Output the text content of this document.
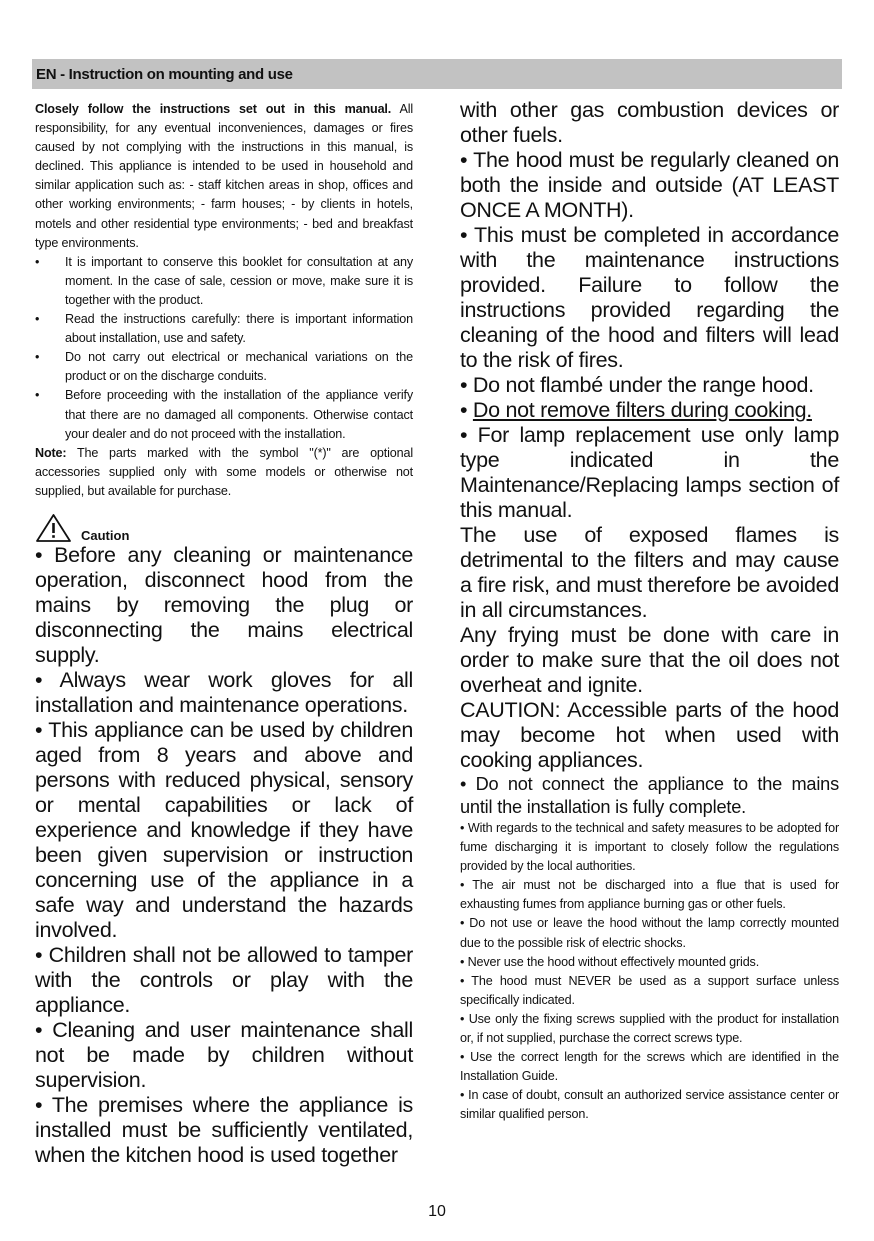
EN - Instruction on mounting and use

Closely follow the instructions set out in this manual. All responsibility, for any eventual inconveniences, damages or fires caused by not complying with the instructions in this manual, is declined. This appliance is intended to be used in household and similar application such as: - staff kitchen areas in shop, offices and other working environments; - farm houses; - by clients in hotels, motels and other residential type environments; - bed and breakfast type environments.

• It is important to conserve this booklet for consultation at any moment. In the case of sale, cession or move, make sure it is together with the product.
• Read the instructions carefully: there is important information about installation, use and safety.
• Do not carry out electrical or mechanical variations on the product or on the discharge conduits.
• Before proceeding with the installation of the appliance verify that there are no damaged all components. Otherwise contact your dealer and do not proceed with the installation.

Note: The parts marked with the symbol "(*)" are optional accessories supplied only with some models or otherwise not supplied, but available for purchase.

Caution

• Before any cleaning or maintenance operation, disconnect hood from the mains by removing the plug or disconnecting the mains electrical supply.

• Always wear work gloves for all installation and maintenance operations.

• This appliance can be used by children aged from 8 years and above and persons with reduced physical, sensory or mental capabilities or lack of experience and knowledge if they have been given supervision or instruction concerning use of the appliance in a safe way and understand the hazards involved.

• Children shall not be allowed to tamper with the controls or play with the appliance.

• Cleaning and user maintenance shall not be made by children without supervision.

• The premises where the appliance is installed must be sufficiently ventilated, when the kitchen hood is used together

with other gas combustion devices or other fuels.

• The hood must be regularly cleaned on both the inside and outside (AT LEAST ONCE A MONTH).

• This must be completed in accordance with the maintenance instructions provided. Failure to follow the instructions provided regarding the cleaning of the hood and filters will lead to the risk of fires.

• Do not flambé under the range hood.

• Do not remove filters during cooking.

• For lamp replacement use only lamp type indicated in the Maintenance/Replacing lamps section of this manual.

The use of exposed flames is detrimental to the filters and may cause a fire risk, and must therefore be avoided in all circumstances.

Any frying must be done with care in order to make sure that the oil does not overheat and ignite.

CAUTION: Accessible parts of the hood may become hot when used with cooking appliances.

• Do not connect the appliance to the mains until the installation is fully complete.

• With regards to the technical and safety measures to be adopted for fume discharging it is important to closely follow the regulations provided by the local authorities.

• The air must not be discharged into a flue that is used for exhausting fumes from appliance burning gas or other fuels.

• Do not use or leave the hood without the lamp correctly mounted due to the possible risk of electric shocks.

• Never use the hood without effectively mounted grids.

• The hood must NEVER be used as a support surface unless specifically indicated.

• Use only the fixing screws supplied with the product for installation or, if not supplied, purchase the correct screws type.

• Use the correct length for the screws which are identified in the Installation Guide.

• In case of doubt, consult an authorized service assistance center or similar qualified person.

10
